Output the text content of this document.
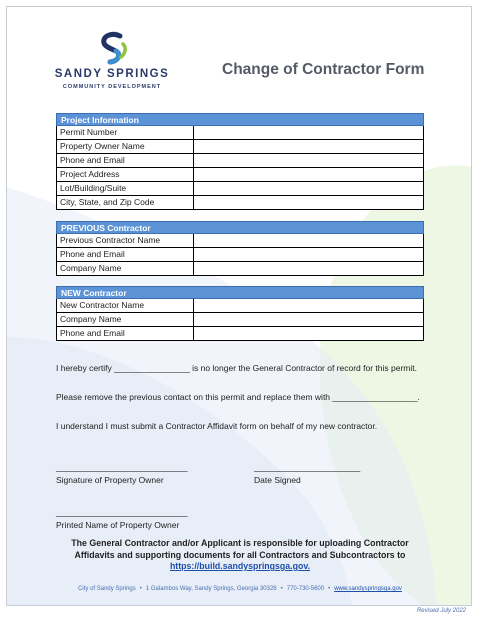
SANDY SPRINGS
COMMUNITY DEVELOPMENT
Change of Contractor Form
Project Information
Permit Number
Property Owner Name
Phone and Email
Project Address
Lot/Building/Suite
City, State, and Zip Code
PREVIOUS Contractor
Previous Contractor Name
Phone and Email
Company Name
NEW Contractor
New Contractor Name
Company Name
Phone and Email
I hereby certify ________________ is no longer the General Contractor of record for this permit.
Please remove the previous contact on this permit and replace them with __________________.
I understand I must submit a Contractor Affidavit form on behalf of my new contractor.
_______________________________
Signature of Property Owner
_________________________
Date Signed
_______________________________
Printed Name of Property Owner
The General Contractor and/or Applicant is responsible for uploading Contractor
Affidavits and supporting documents for all Contractors and Subcontractors to
https://build.sandyspringsga.gov.
City of Sandy Springs • 1 Galambos Way, Sandy Springs, Georgia 30328 • 770-730-5600 • www.sandyspringsga.gov
Revised July 2022
